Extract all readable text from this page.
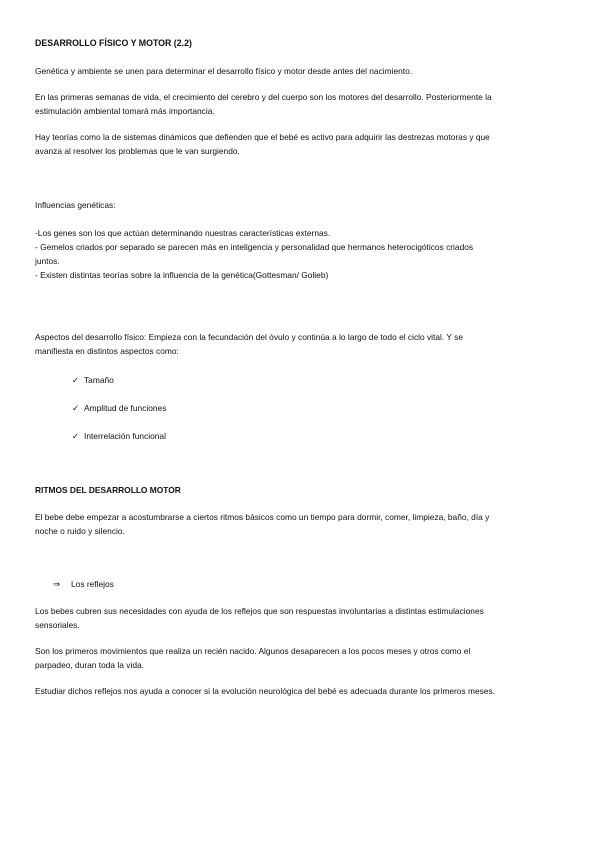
DESARROLLO FÍSICO Y MOTOR (2.2)

Genética y ambiente se unen para determinar el desarrollo físico y motor desde antes del nacimiento.

En las primeras semanas de vida, el crecimiento del cerebro y del cuerpo son los motores del desarrollo. Posteriormente la
estimulación ambiental tomará más importancia.

Hay teorías como la de sistemas dinámicos que defienden que el bebé es activo para adquirir las destrezas motoras y que
avanza al resolver los problemas que le van surgiendo.

Influencias genéticas:

-Los genes son los que actúan determinando nuestras características externas.
- Gemelos criados por separado se parecen más en inteligencia y personalidad que hermanos heterocigóticos criados
juntos.
- Existen distintas teorías sobre la influencia de la genética(Gottesman/ Golieb)

Aspectos del desarrollo físico: Empieza con la fecundación del óvulo y continúa a lo largo de todo el ciclo vital. Y se
manifiesta en distintos aspectos como:

✓ Tamaño

✓ Amplitud de funciones

✓ Interrelación funcional

RITMOS DEL DESARROLLO MOTOR

El bebe debe empezar a acostumbrarse a ciertos ritmos básicos como un tiempo para dormir, comer, limpieza, baño, día y
noche o ruido y silencio.

⇒ Los reflejos

Los bebes cubren sus necesidades con ayuda de los reflejos que son respuestas involuntarias a distintas estimulaciones
sensoriales.

Son los primeros movimientos que realiza un recién nacido. Algunos desaparecen a los pocos meses y otros como el
parpadeo, duran toda la vida.

Estudiar dichos reflejos nos ayuda a conocer si la evolución neurológica del bebé es adecuada durante los primeros meses.
